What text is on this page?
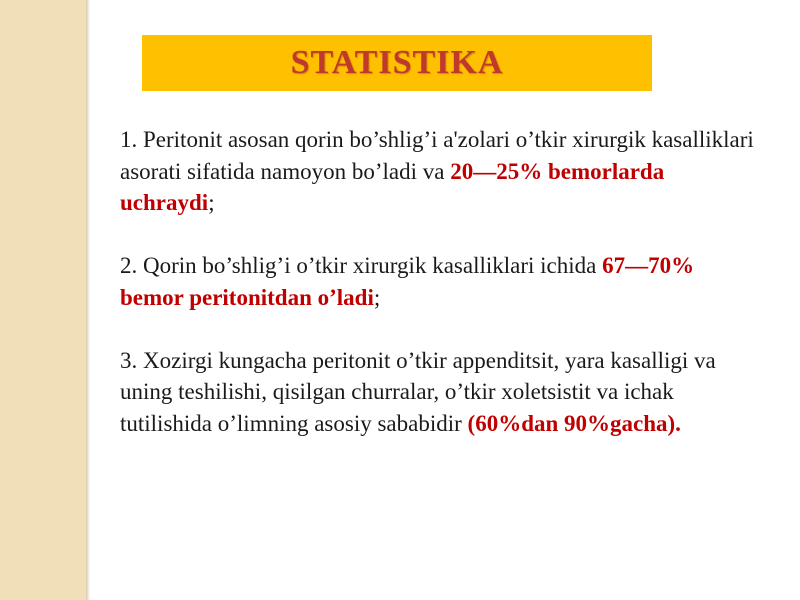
STATISTIKA

1. Peritonit asosan qorin bo’shlig’i a'zolari o’tkir xirurgik kasalliklari asorati sifatida namoyon bo’ladi va 20—25% bemorlarda uchraydi;

2. Qorin bo’shlig’i o’tkir xirurgik kasalliklari ichida 67—70% bemor peritonitdan o’ladi;

3. Xozirgi kungacha peritonit o’tkir appenditsit, yara kasalligi va uning teshilishi, qisilgan churralar, o’tkir xoletsistit va ichak tutilishida o’limning asosiy sababidir (60%dan 90%gacha).
